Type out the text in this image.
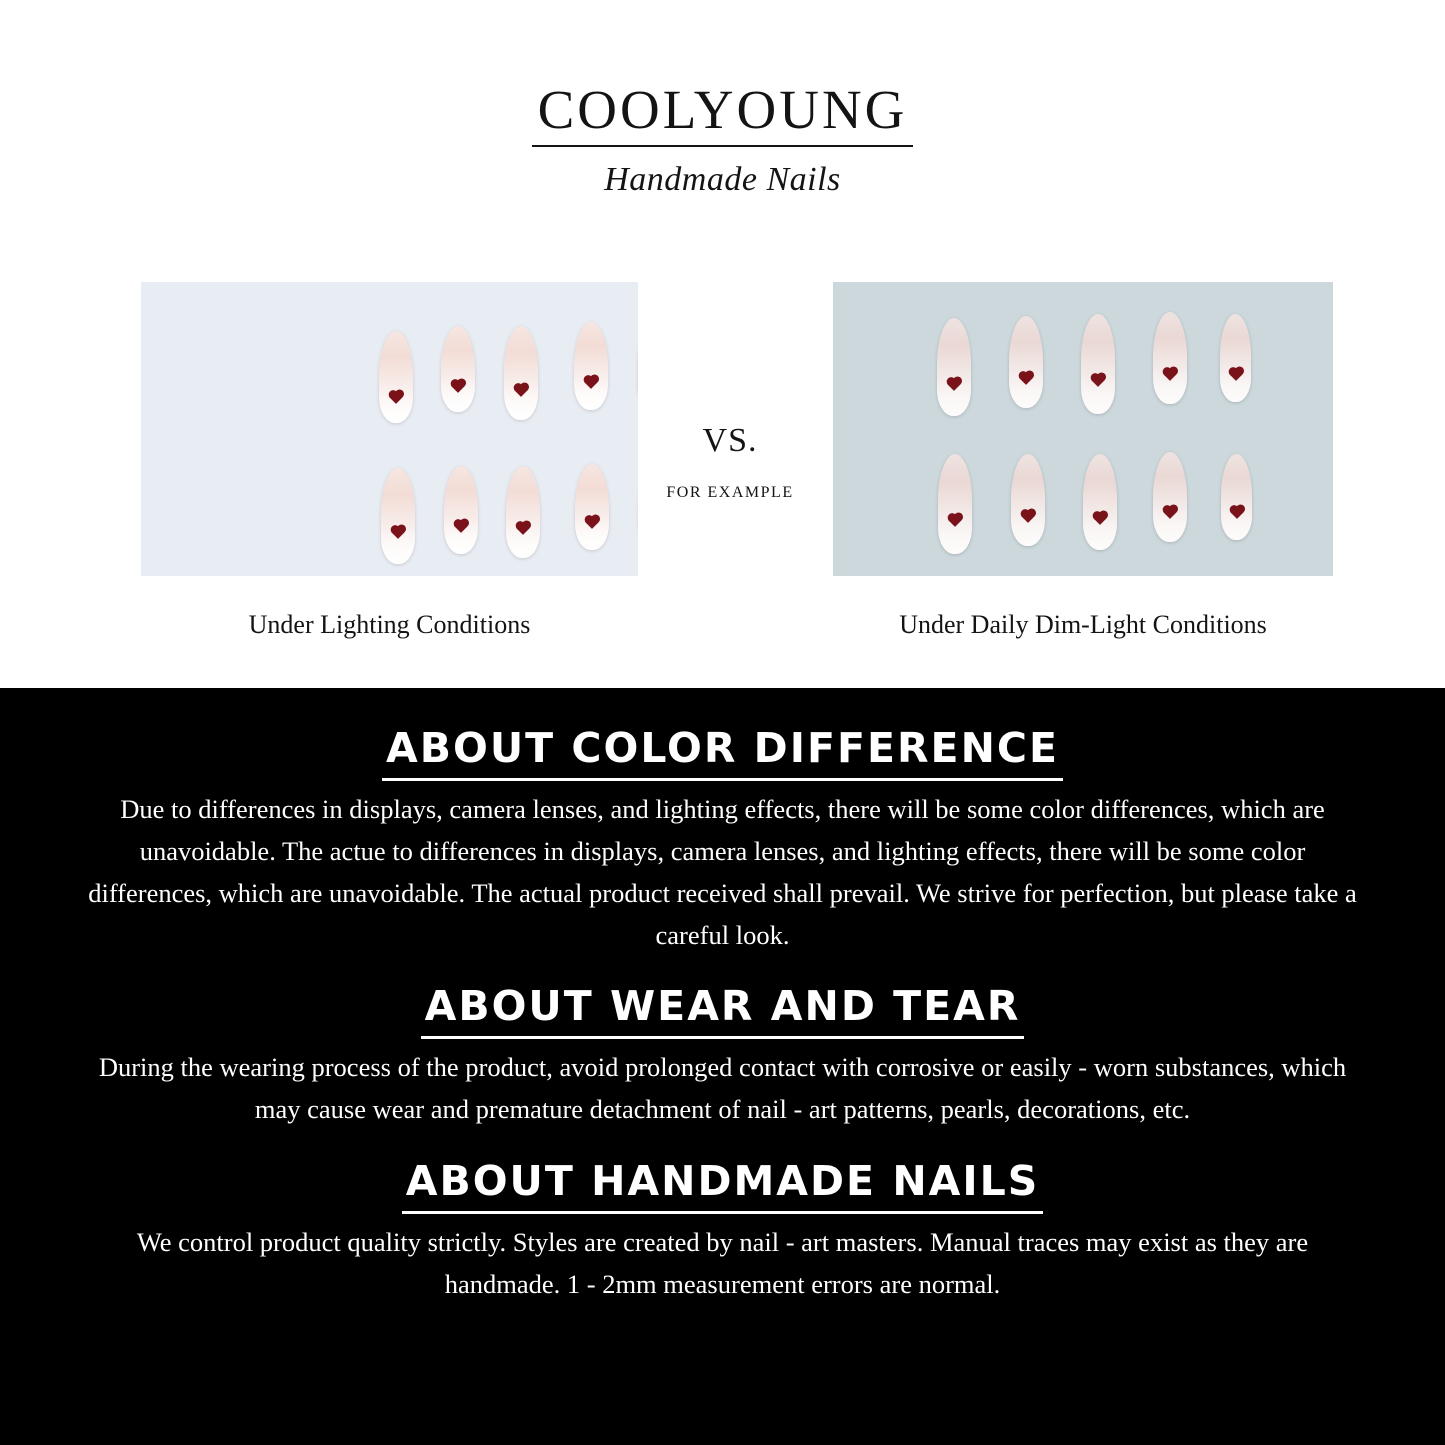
COOLYOUNG
Handmade Nails
VS.
FOR EXAMPLE
Under Lighting Conditions	Under Daily Dim-Light Conditions
ABOUT COLOR DIFFERENCE
Due to differences in displays, camera lenses, and lighting effects, there will be some color differences, which are unavoidable. The actue to differences in displays, camera lenses, and lighting effects, there will be some color differences, which are unavoidable. The actual product received shall prevail. We strive for perfection, but please take a careful look.
ABOUT WEAR AND TEAR
During the wearing process of the product, avoid prolonged contact with corrosive or easily - worn substances, which may cause wear and premature detachment of nail - art patterns, pearls, decorations, etc.
ABOUT HANDMADE NAILS
We control product quality strictly. Styles are created by nail - art masters. Manual traces may exist as they are handmade. 1 - 2mm measurement errors are normal.
